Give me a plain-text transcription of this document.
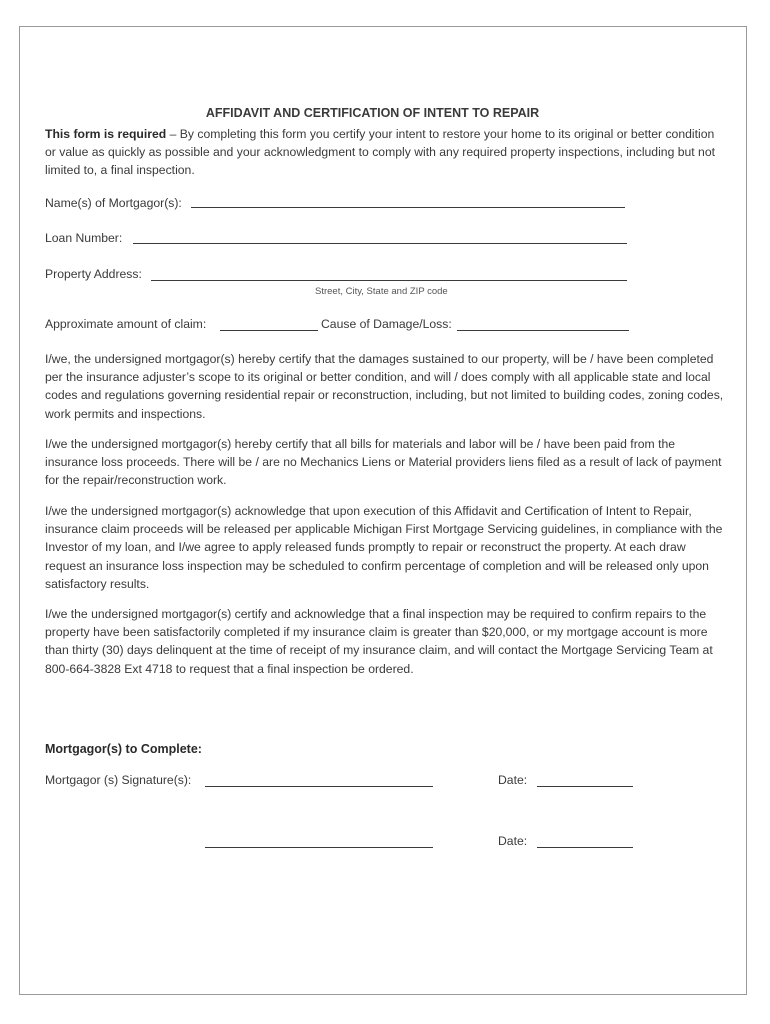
AFFIDAVIT AND CERTIFICATION OF INTENT TO REPAIR
This form is required – By completing this form you certify your intent to restore your home to its original or better condition or value as quickly as possible and your acknowledgment to comply with any required property inspections, including but not limited to, a final inspection.
Name(s) of Mortgagor(s):
Loan Number:
Property Address:
Street, City, State and ZIP code
Approximate amount of claim:	Cause of Damage/Loss:
I/we, the undersigned mortgagor(s) hereby certify that the damages sustained to our property, will be / have been completed per the insurance adjuster’s scope to its original or better condition, and will / does comply with all applicable state and local codes and regulations governing residential repair or reconstruction, including, but not limited to building codes, zoning codes, work permits and inspections.
I/we the undersigned mortgagor(s) hereby certify that all bills for materials and labor will be / have been paid from the insurance loss proceeds. There will be / are no Mechanics Liens or Material providers liens filed as a result of lack of payment for the repair/reconstruction work.
I/we the undersigned mortgagor(s) acknowledge that upon execution of this Affidavit and Certification of Intent to Repair, insurance claim proceeds will be released per applicable Michigan First Mortgage Servicing guidelines, in compliance with the Investor of my loan, and I/we agree to apply released funds promptly to repair or reconstruct the property. At each draw request an insurance loss inspection may be scheduled to confirm percentage of completion and will be released only upon satisfactory results.
I/we the undersigned mortgagor(s) certify and acknowledge that a final inspection may be required to confirm repairs to the property have been satisfactorily completed if my insurance claim is greater than $20,000, or my mortgage account is more than thirty (30) days delinquent at the time of receipt of my insurance claim, and will contact the Mortgage Servicing Team at 800-664-3828 Ext 4718 to request that a final inspection be ordered.
Mortgagor(s) to Complete:
Mortgagor (s) Signature(s):	Date:
Date:
